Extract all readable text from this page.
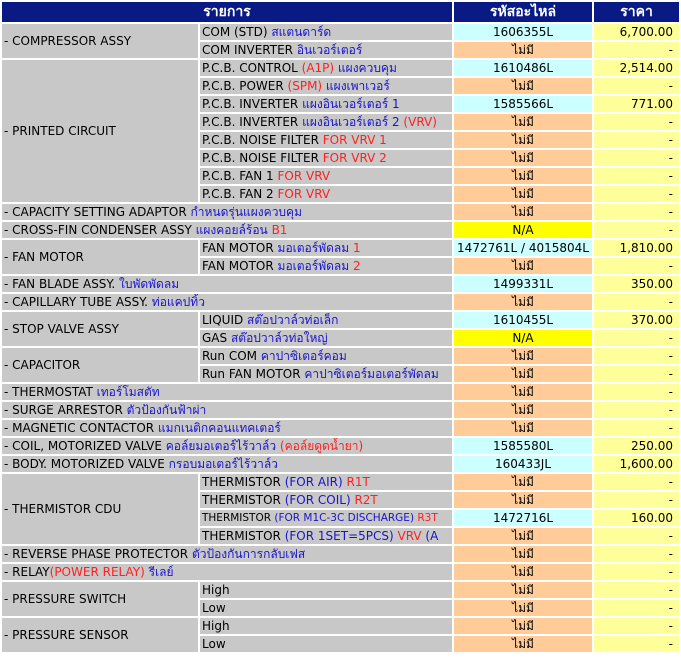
รายการ		รหัสอะไหล่	ราคา
- COMPRESSOR ASSY	COM (STD) สแตนดาร์ด	1606355L	6,700.00
	COM INVERTER อินเวอร์เตอร์	ไม่มี	-
- PRINTED CIRCUIT	P.C.B. CONTROL (A1P) แผงควบคุม	1610486L	2,514.00
	P.C.B. POWER (SPM) แผงเพาเวอร์	ไม่มี	-
	P.C.B. INVERTER แผงอินเวอร์เตอร์ 1	1585566L	771.00
	P.C.B. INVERTER แผงอินเวอร์เตอร์ 2 (VRV)	ไม่มี	-
	P.C.B. NOISE FILTER FOR VRV 1	ไม่มี	-
	P.C.B. NOISE FILTER FOR VRV 2	ไม่มี	-
	P.C.B. FAN 1 FOR VRV	ไม่มี	-
	P.C.B. FAN 2 FOR VRV	ไม่มี	-
- CAPACITY SETTING ADAPTOR กำหนดรุ่นแผงควบคุม		ไม่มี	-
- CROSS-FIN CONDENSER ASSY แผงคอยล์ร้อน B1		N/A	-
- FAN MOTOR	FAN MOTOR มอเตอร์พัดลม 1	1472761L / 4015804L	1,810.00
	FAN MOTOR มอเตอร์พัดลม 2	ไม่มี	-
- FAN BLADE ASSY. ใบพัดพัดลม		1499331L	350.00
- CAPILLARY TUBE ASSY. ท่อแคปทิ้ว		ไม่มี	-
- STOP VALVE ASSY	LIQUID สต๊อปวาล์วท่อเล็ก	1610455L	370.00
	GAS สต๊อปวาล์วท่อใหญ่	N/A	-
- CAPACITOR	Run COM คาปาซิเตอร์คอม	ไม่มี	-
	Run FAN MOTOR คาปาซิเตอร์มอเตอร์พัดลม	ไม่มี	-
- THERMOSTAT เทอร์โมสตัท		ไม่มี	-
- SURGE ARRESTOR ตัวป้องกันฟ้าผ่า		ไม่มี	-
- MAGNETIC CONTACTOR แมกเนติกคอนแทคเตอร์		ไม่มี	-
- COIL, MOTORIZED VALVE คอล์ยมอเตอร์ไร้วาล์ว (คอล์ยดูดน้ำยา)		1585580L	250.00
- BODY. MOTORIZED VALVE กรอบมอเตอร์ไร้วาล์ว		160433JL	1,600.00
- THERMISTOR CDU	THERMISTOR (FOR AIR) R1T	ไม่มี	-
	THERMISTOR (FOR COIL) R2T	ไม่มี	-
	THERMISTOR (FOR M1C-3C DISCHARGE) R3T	1472716L	160.00
	THERMISTOR (FOR 1SET=5PCS) VRV (A	ไม่มี	-
- REVERSE PHASE PROTECTOR ตัวป้องกันการกลับเฟส		ไม่มี	-
- RELAY(POWER RELAY) รีเลย์		ไม่มี	-
- PRESSURE SWITCH	High	ไม่มี	-
	Low	ไม่มี	-
- PRESSURE SENSOR	High	ไม่มี	-
	Low	ไม่มี	-
